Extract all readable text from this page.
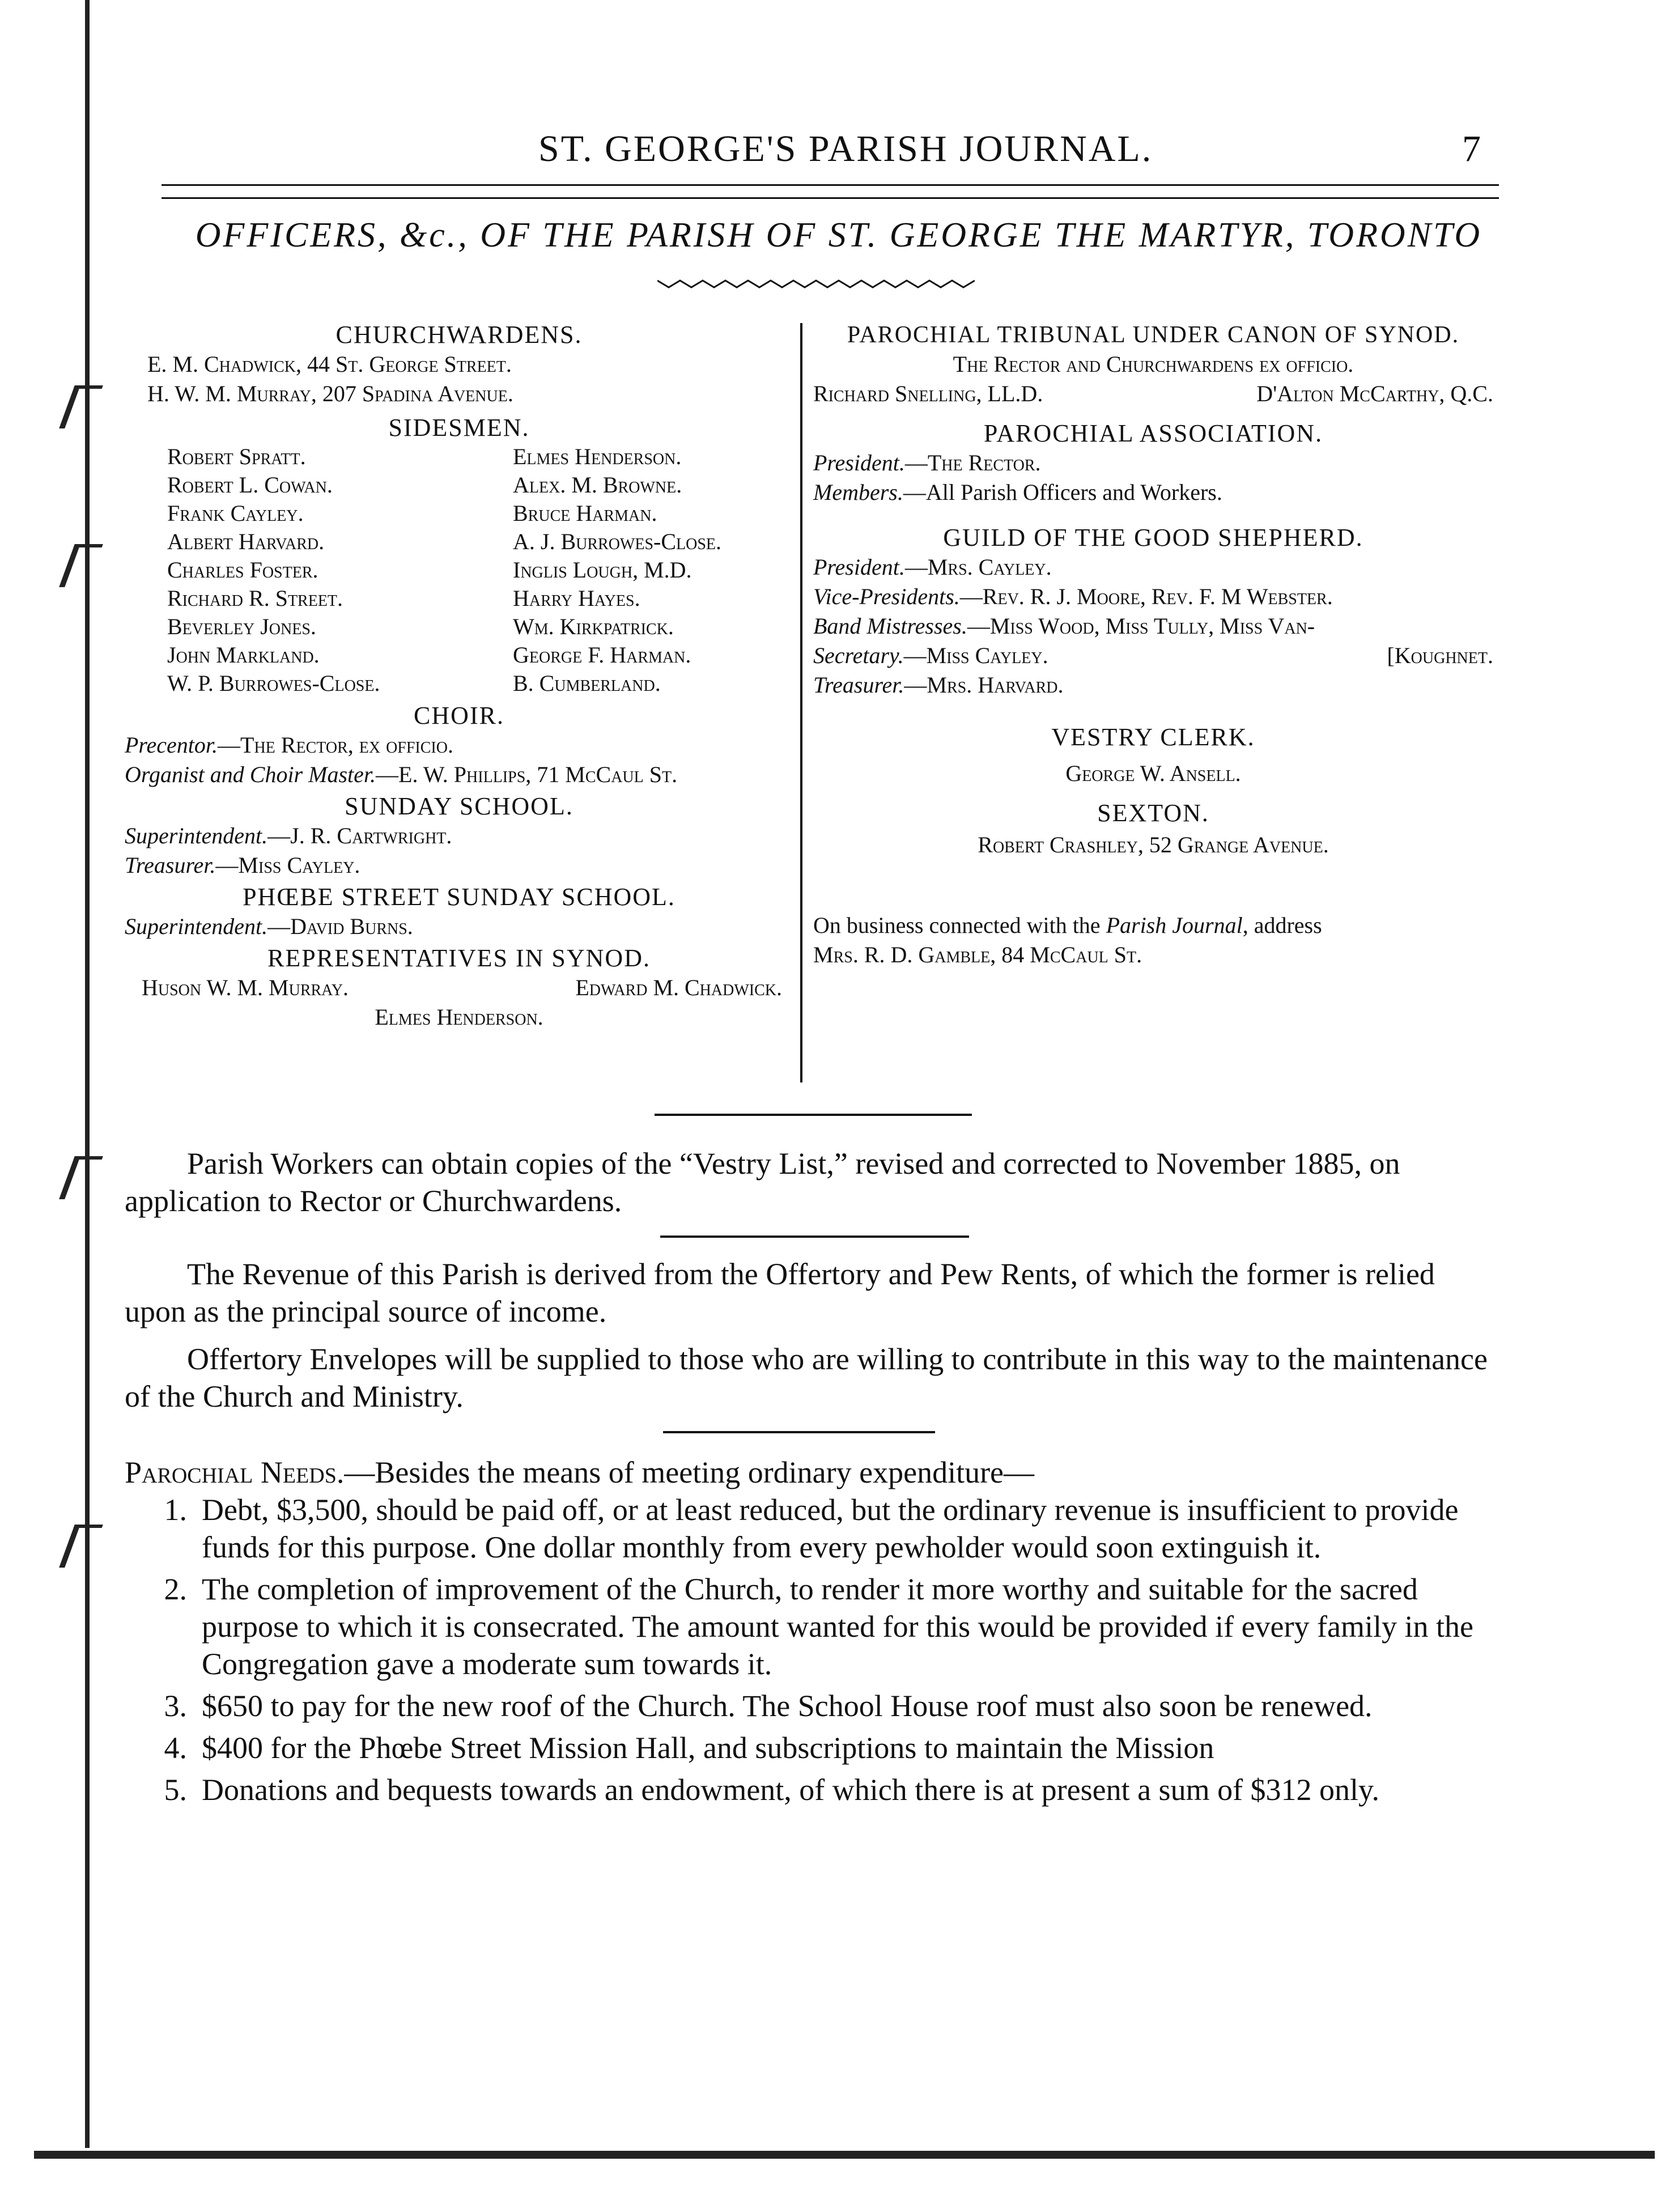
ST. GEORGE'S PARISH JOURNAL.	7
OFFICERS, &c., OF THE PARISH OF ST. GEORGE THE MARTYR, TORONTO
CHURCHWARDENS.
E. M. Chadwick, 44 St. George Street.
H. W. M. Murray, 207 Spadina Avenue.
SIDESMEN.
Robert Spratt.	Elmes Henderson.
Robert L. Cowan.	Alex. M. Browne.
Frank Cayley.	Bruce Harman.
Albert Harvard.	A. J. Burrowes-Close.
Charles Foster.	Inglis Lough, M.D.
Richard R. Street.	Harry Hayes.
Beverley Jones.	Wm. Kirkpatrick.
John Markland.	George F. Harman.
W. P. Burrowes-Close.	B. Cumberland.
CHOIR.
Precentor.—The Rector, ex officio.
Organist and Choir Master.—E. W. Phillips, 71 McCaul St.
SUNDAY SCHOOL.
Superintendent.—J. R. Cartwright.
Treasurer.—Miss Cayley.
PHŒBE STREET SUNDAY SCHOOL.
Superintendent.—David Burns.
REPRESENTATIVES IN SYNOD.
Huson W. M. Murray.	Edward M. Chadwick.
Elmes Henderson.
PAROCHIAL TRIBUNAL UNDER CANON OF SYNOD.
The Rector and Churchwardens ex officio.
Richard Snelling, LL.D.	D'Alton McCarthy, Q.C.
PAROCHIAL ASSOCIATION.
President.—The Rector.
Members.—All Parish Officers and Workers.
GUILD OF THE GOOD SHEPHERD.
President.—Mrs. Cayley.
Vice-Presidents.—Rev. R. J. Moore, Rev. F. M Webster.
Band Mistresses.—Miss Wood, Miss Tully, Miss Van-
Secretary.—Miss Cayley.	[Koughnet.
Treasurer.—Mrs. Harvard.
VESTRY CLERK.
George W. Ansell.
SEXTON.
Robert Crashley, 52 Grange Avenue.
On business connected with the Parish Journal, address
Mrs. R. D. Gamble, 84 McCaul St.

Parish Workers can obtain copies of the “Vestry List,” revised and corrected to November 1885, on application to Rector or Churchwardens.

The Revenue of this Parish is derived from the Offertory and Pew Rents, of which the former is relied upon as the principal source of income.

Offertory Envelopes will be supplied to those who are willing to contribute in this way to the maintenance of the Church and Ministry.

Parochial Needs.—Besides the means of meeting ordinary expenditure—
1. Debt, $3,500, should be paid off, or at least reduced, but the ordinary revenue is insufficient to provide funds for this purpose. One dollar monthly from every pewholder would soon extinguish it.
2. The completion of improvement of the Church, to render it more worthy and suitable for the sacred purpose to which it is consecrated. The amount wanted for this would be provided if every family in the Congregation gave a moderate sum towards it.
3. $650 to pay for the new roof of the Church. The School House roof must also soon be renewed.
4. $400 for the Phœbe Street Mission Hall, and subscriptions to maintain the Mission
5. Donations and bequests towards an endowment, of which there is at present a sum of $312 only.
